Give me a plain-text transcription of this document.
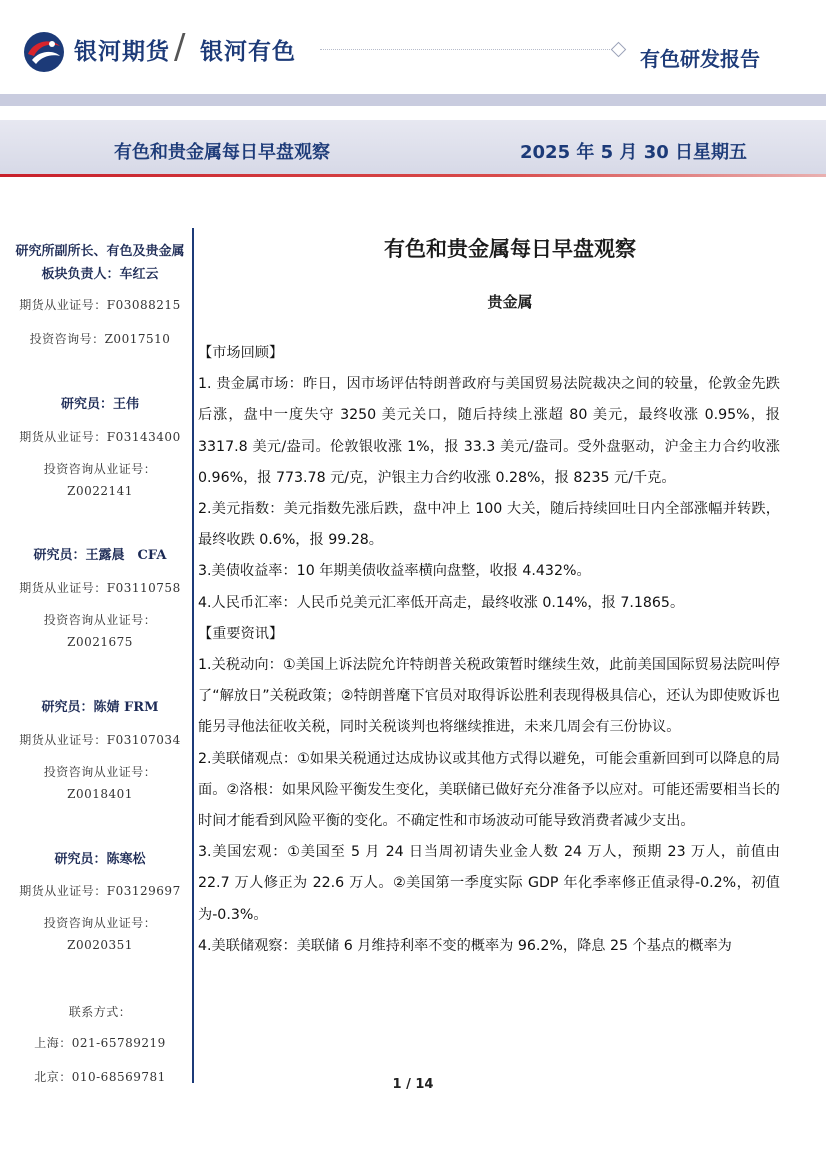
银河期货 / 银河有色	有色研发报告
有色和贵金属每日早盘观察	2025 年 5 月 30 日星期五
研究所副所长、有色及贵金属板块负责人：车红云
期货从业证号：F03088215
投资咨询号：Z0017510
研究员：王伟
期货从业证号：F03143400
投资咨询从业证号：
Z0022141
研究员：王露晨　CFA
期货从业证号：F03110758
投资咨询从业证号：
Z0021675
研究员：陈婧 FRM
期货从业证号：F03107034
投资咨询从业证号：
Z0018401
研究员：陈寒松
期货从业证号：F03129697
投资咨询从业证号：
Z0020351
联系方式：
上海：021-65789219
北京：010-68569781
有色和贵金属每日早盘观察
贵金属

【市场回顾】

1. 贵金属市场：昨日，因市场评估特朗普政府与美国贸易法院裁决之间的较量，伦敦金先跌后涨，盘中一度失守 3250 美元关口，随后持续上涨超 80 美元，最终收涨 0.95%，报 3317.8 美元/盎司。伦敦银收涨 1%，报 33.3 美元/盎司。受外盘驱动，沪金主力合约收涨 0.96%，报 773.78 元/克，沪银主力合约收涨 0.28%，报 8235 元/千克。

2.美元指数：美元指数先涨后跌，盘中冲上 100 大关，随后持续回吐日内全部涨幅并转跌，最终收跌 0.6%，报 99.28。

3.美债收益率：10 年期美债收益率横向盘整，收报 4.432%。

4.人民币汇率：人民币兑美元汇率低开高走，最终收涨 0.14%，报 7.1865。

【重要资讯】

1.关税动向：①美国上诉法院允许特朗普关税政策暂时继续生效，此前美国国际贸易法院叫停了“解放日”关税政策；②特朗普麾下官员对取得诉讼胜利表现得极具信心，还认为即使败诉也能另寻他法征收关税，同时关税谈判也将继续推进，未来几周会有三份协议。

2.美联储观点：①如果关税通过达成协议或其他方式得以避免，可能会重新回到可以降息的局面。②洛根：如果风险平衡发生变化，美联储已做好充分准备予以应对。可能还需要相当长的时间才能看到风险平衡的变化。不确定性和市场波动可能导致消费者减少支出。

3.美国宏观：①美国至 5 月 24 日当周初请失业金人数 24 万人，预期 23 万人，前值由 22.7 万人修正为 22.6 万人。②美国第一季度实际 GDP 年化季率修正值录得-0.2%，初值为-0.3%。

4.美联储观察：美联储 6 月维持利率不变的概率为 96.2%，降息 25 个基点的概率为

1 / 14
